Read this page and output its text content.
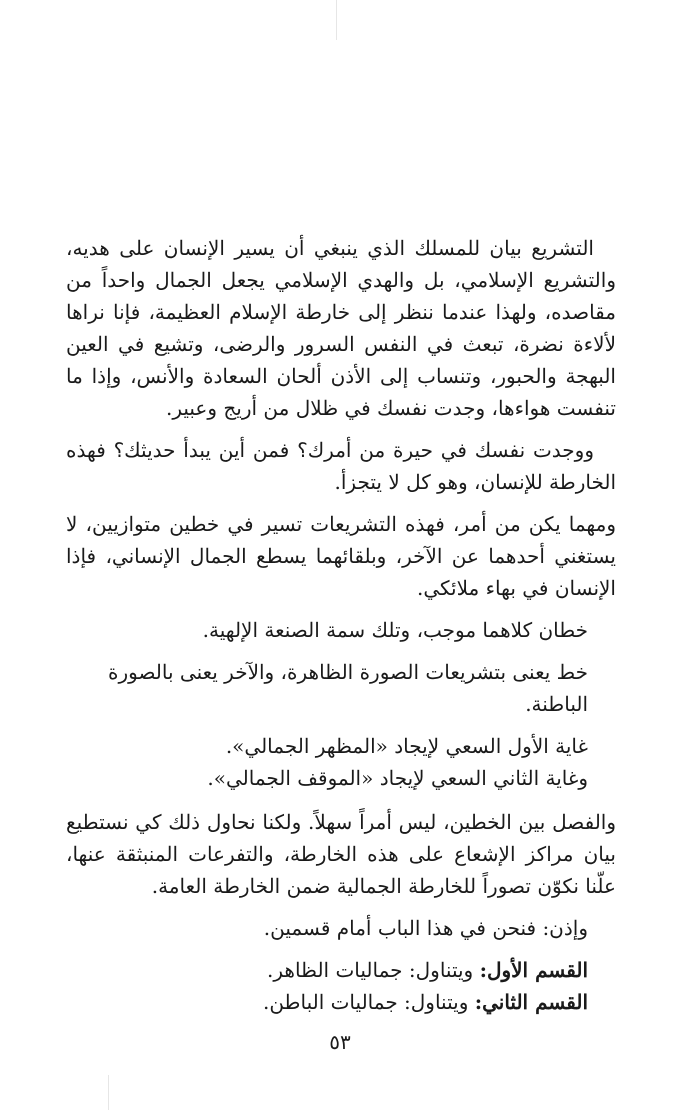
التشريع بيان للمسلك الذي ينبغي أن يسير الإنسان على هديه، والتشريع الإسلامي، بل والهدي الإسلامي يجعل الجمال واحداً من مقاصده، ولهذا عندما ننظر إلى خارطة الإسلام العظيمة، فإنا نراها لألاءة نضرة، تبعث في النفس السرور والرضى، وتشيع في العين البهجة والحبور، وتنساب إلى الأذن ألحان السعادة والأنس، وإذا ما تنفست هواءها، وجدت نفسك في ظلال من أريج وعبير.

ووجدت نفسك في حيرة من أمرك؟ فمن أين يبدأ حديثك؟ فهذه الخارطة للإنسان، وهو كل لا يتجزأ.

ومهما يكن من أمر، فهذه التشريعات تسير في خطين متوازيين، لا يستغني أحدهما عن الآخر، وبلقائهما يسطع الجمال الإنساني، فإذا الإنسان في بهاء ملائكي.

خطان كلاهما موجب، وتلك سمة الصنعة الإلهية.

خط يعنى بتشريعات الصورة الظاهرة، والآخر يعنى بالصورة الباطنة.

غاية الأول السعي لإيجاد «المظهر الجمالي».

وغاية الثاني السعي لإيجاد «الموقف الجمالي».

والفصل بين الخطين، ليس أمراً سهلاً. ولكنا نحاول ذلك كي نستطيع بيان مراكز الإشعاع على هذه الخارطة، والتفرعات المنبثقة عنها، علّنا نكوّن تصوراً للخارطة الجمالية ضمن الخارطة العامة.

وإذن: فنحن في هذا الباب أمام قسمين.

القسم الأول: ويتناول: جماليات الظاهر.

القسم الثاني: ويتناول: جماليات الباطن.

٥٣
